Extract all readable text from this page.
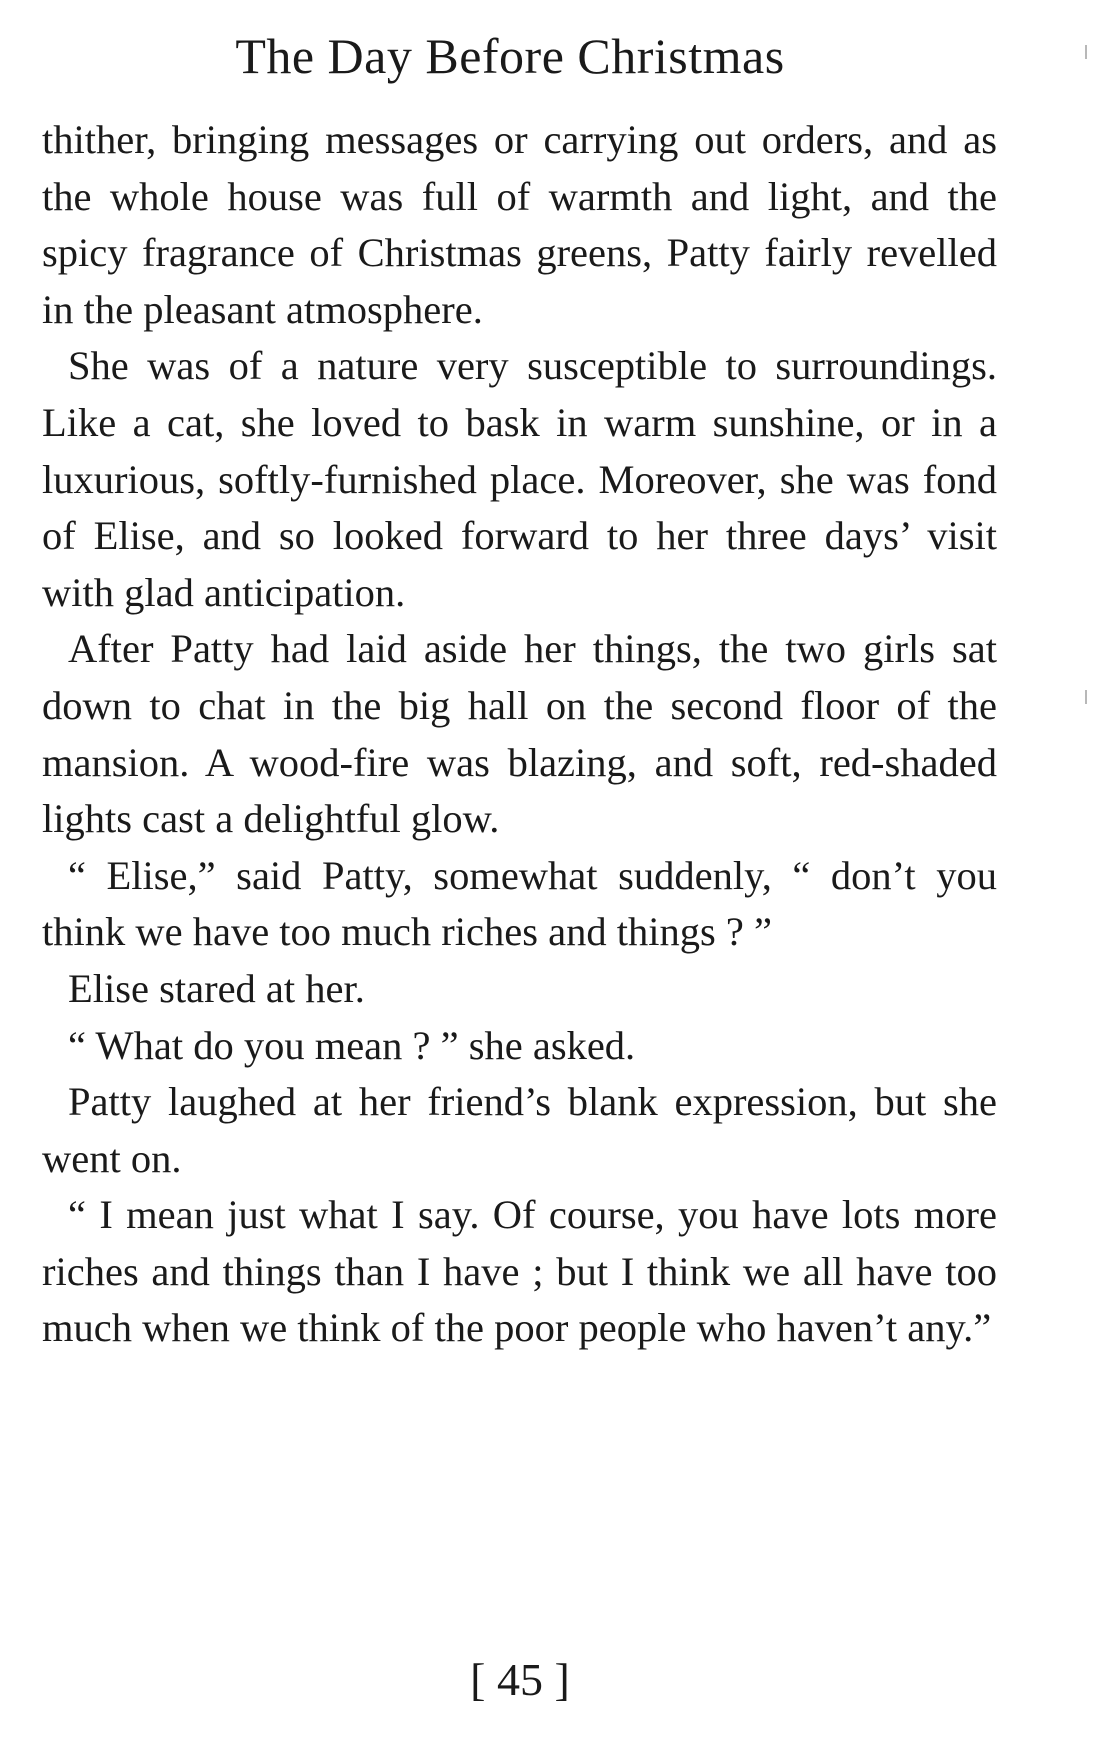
The Day Before Christmas

thither, bringing messages or carrying out orders, and as the whole house was full of warmth and light, and the spicy fragrance of Christmas greens, Patty fairly revelled in the pleasant atmosphere.

She was of a nature very susceptible to surroundings. Like a cat, she loved to bask in warm sunshine, or in a luxurious, softly-furnished place. Moreover, she was fond of Elise, and so looked forward to her three days’ visit with glad anticipation.

After Patty had laid aside her things, the two girls sat down to chat in the big hall on the second floor of the mansion. A wood-fire was blazing, and soft, red-shaded lights cast a delightful glow.

“ Elise,” said Patty, somewhat suddenly, “ don’t you think we have too much riches and things ? ”

Elise stared at her.

“ What do you mean ? ” she asked.

Patty laughed at her friend’s blank expression, but she went on.

“ I mean just what I say. Of course, you have lots more riches and things than I have ; but I think we all have too much when we think of the poor people who haven’t any.”

[ 45 ]
